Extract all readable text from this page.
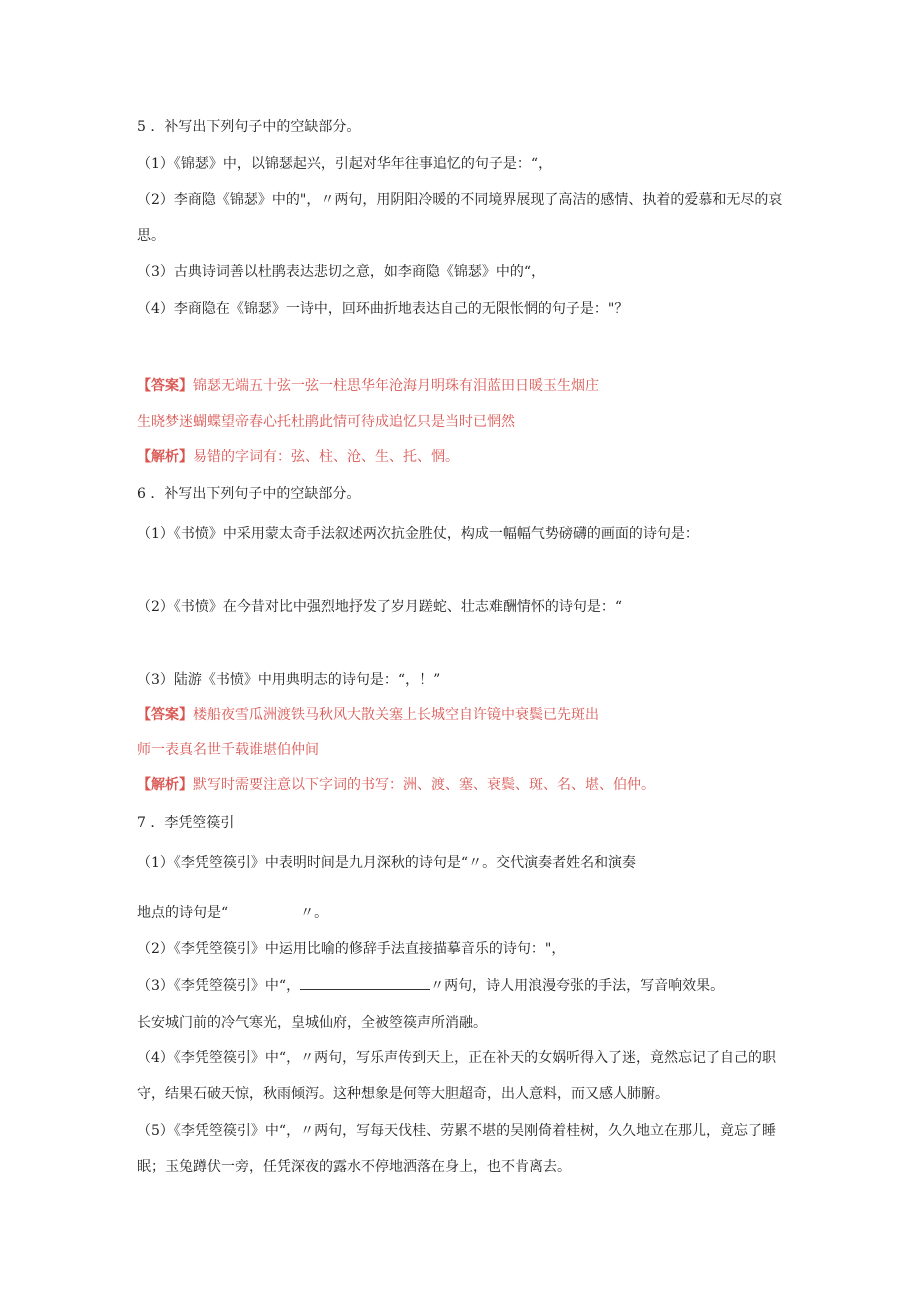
5 ．补写出下列句子中的空缺部分。
（1）《锦瑟》中，以锦瑟起兴，引起对华年往事追忆的句子是：“，
（2）李商隐《锦瑟》中的"，〃两句，用阴阳冷暖的不同境界展现了高洁的感情、执着的爱慕和无尽的哀
思。
（3）古典诗词善以杜鹃表达悲切之意，如李商隐《锦瑟》中的“，
（4）李商隐在《锦瑟》一诗中，回环曲折地表达自己的无限怅惘的句子是："？
【答案】锦瑟无端五十弦一弦一柱思华年沧海月明珠有泪蓝田日暖玉生烟庄
生晓梦迷蝴蝶望帝春心托杜鹃此情可待成追忆只是当时已惘然
【解析】易错的字词有：弦、柱、沧、生、托、惘。
6 ．补写出下列句子中的空缺部分。
（1）《书愤》中采用蒙太奇手法叙述两次抗金胜仗，构成一幅幅气势磅礴的画面的诗句是：
（2）《书愤》在今昔对比中强烈地抒发了岁月蹉蛇、壮志难酬情怀的诗句是：“
（3）陆游《书愤》中用典明志的诗句是：“，！”
【答案】楼船夜雪瓜洲渡铁马秋风大散关塞上长城空自许镜中衰鬓已先斑出
师一表真名世千载谁堪伯仲间
【解析】默写时需要注意以下字词的书写：洲、渡、塞、衰鬓、斑、名、堪、伯仲。
7 ．李凭箜篌引
（1）《李凭箜篌引》中表明时间是九月深秋的诗句是“〃。交代演奏者姓名和演奏
地点的诗句是“	〃。
（2）《李凭箜篌引》中运用比喻的修辞手法直接描摹音乐的诗句："，
（3）《李凭箜篌引》中“，	〃两句，诗人用浪漫夸张的手法，写音响效果。
长安城门前的冷气寒光，皇城仙府，全被箜篌声所消融。
（4）《李凭箜篌引》中“，〃两句，写乐声传到天上，正在补天的女娲听得入了迷，竟然忘记了自己的职
守，结果石破天惊，秋雨倾泻。这种想象是何等大胆超奇，出人意料，而又感人肺腑。
（5）《李凭箜篌引》中“，〃两句，写每天伐桂、劳累不堪的吴刚倚着桂树，久久地立在那儿，竟忘了睡
眠；玉兔蹲伏一旁，任凭深夜的露水不停地洒落在身上，也不肯离去。
